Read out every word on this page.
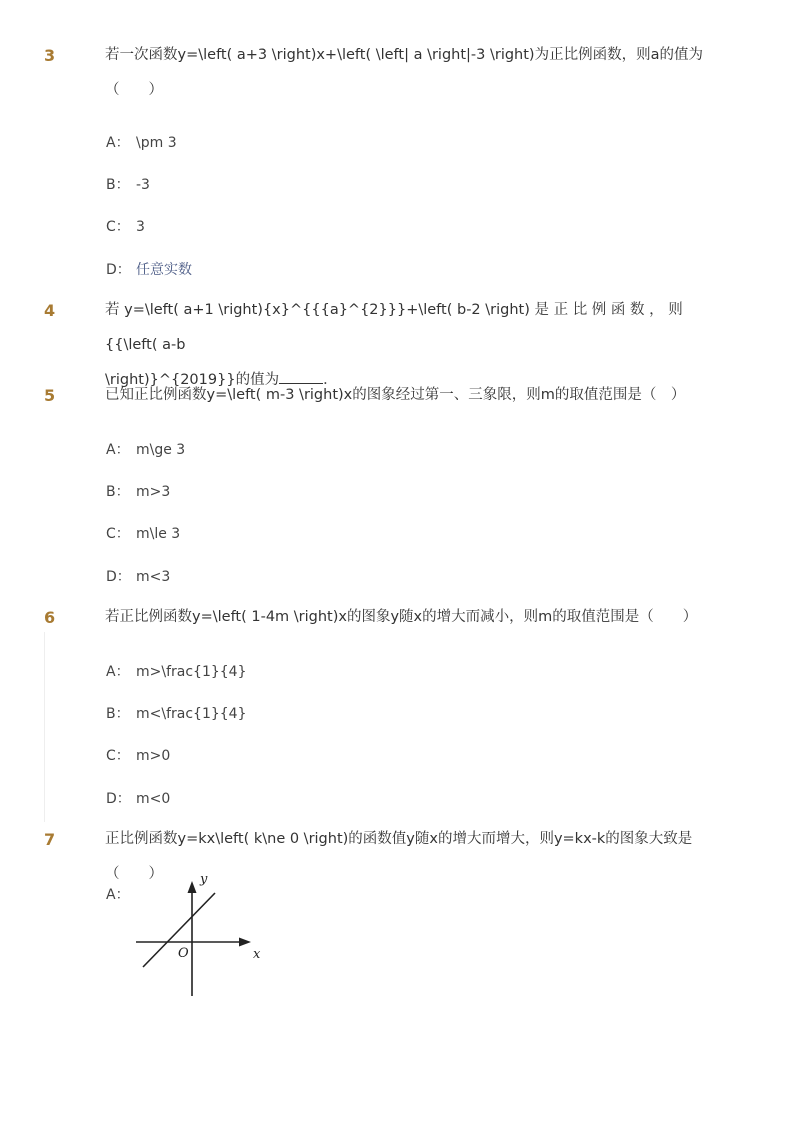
3	若一次函数y=\left( a+3 \right)x+\left( \left| a \right|-3 \right)为正比例函数，则a的值为
（　　）
A： \pm 3
B： -3
C： 3
D： 任意实数
4	若 y=\left( a+1 \right){x}^{{{a}^{2}}}+\left( b-2 \right) 是 正 比 例 函 数 ， 则 {{\left( a-b
\right)}^{2019}}的值为	．
5	已知正比例函数y=\left( m-3 \right)x的图象经过第一、三象限，则m的取值范围是（　）
A： m\ge 3
B： m>3
C： m\le 3
D： m<3
6	若正比例函数y=\left( 1-4m \right)x的图象y随x的增大而减小，则m的取值范围是（　　）
A： m>\frac{1}{4}
B： m<\frac{1}{4}
C： m>0
D： m<0
7	正比例函数y=kx\left( k\ne 0 \right)的函数值y随x的增大而增大，则y=kx-k的图象大致是（　　）
A：
y
x
O
